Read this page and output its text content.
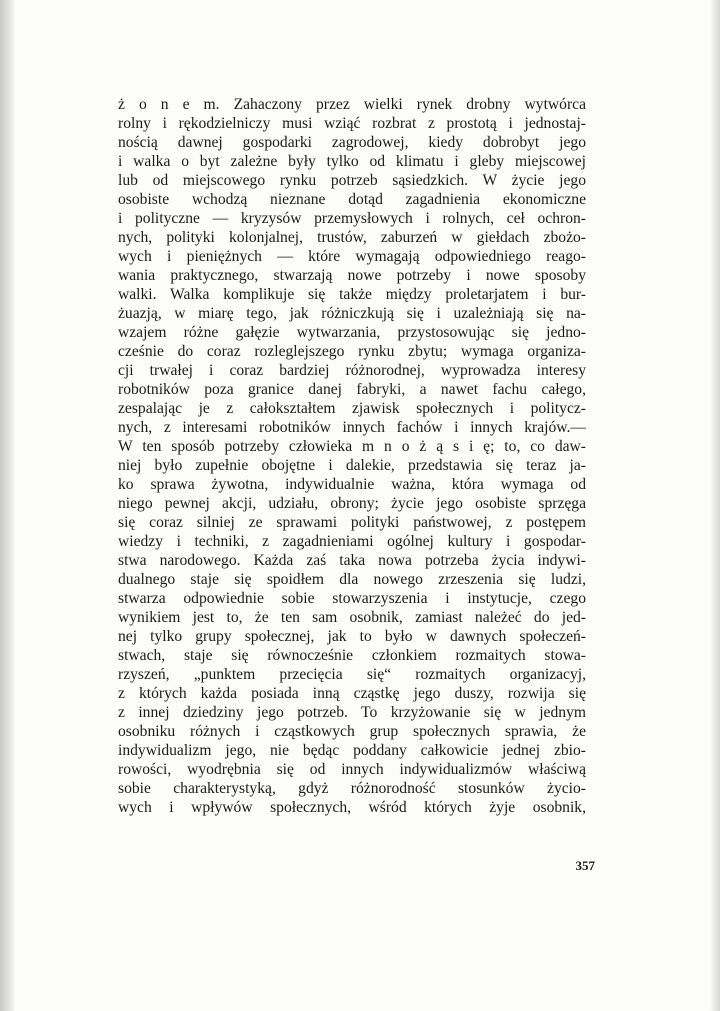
ż o n e m. Zahaczony przez wielki rynek drobny wytwórca
rolny i rękodzielniczy musi wziąć rozbrat z prostotą i jednostaj-
nością dawnej gospodarki zagrodowej, kiedy dobrobyt jego
i walka o byt zależne były tylko od klimatu i gleby miejscowej
lub od miejscowego rynku potrzeb sąsiedzkich. W życie jego
osobiste wchodzą nieznane dotąd zagadnienia ekonomiczne
i polityczne — kryzysów przemysłowych i rolnych, ceł ochron-
nych, polityki kolonjalnej, trustów, zaburzeń w giełdach zbożo-
wych i pieniężnych — które wymagają odpowiedniego reago-
wania praktycznego, stwarzają nowe potrzeby i nowe sposoby
walki. Walka komplikuje się także między proletarjatem i bur-
żuazją, w miarę tego, jak różniczkują się i uzależniają się na-
wzajem różne gałęzie wytwarzania, przystosowując się jedno-
cześnie do coraz rozleglejszego rynku zbytu; wymaga organiza-
cji trwałej i coraz bardziej różnorodnej, wyprowadza interesy
robotników poza granice danej fabryki, a nawet fachu całego,
zespalając je z całokształtem zjawisk społecznych i politycz-
nych, z interesami robotników innych fachów i innych krajów.—
W ten sposób potrzeby człowieka m n o ż ą s i ę; to, co daw-
niej było zupełnie obojętne i dalekie, przedstawia się teraz ja-
ko sprawa żywotna, indywidualnie ważna, która wymaga od
niego pewnej akcji, udziału, obrony; życie jego osobiste sprzęga
się coraz silniej ze sprawami polityki państwowej, z postępem
wiedzy i techniki, z zagadnieniami ogólnej kultury i gospodar-
stwa narodowego. Każda zaś taka nowa potrzeba życia indywi-
dualnego staje się spoidłem dla nowego zrzeszenia się ludzi,
stwarza odpowiednie sobie stowarzyszenia i instytucje, czego
wynikiem jest to, że ten sam osobnik, zamiast należeć do jed-
nej tylko grupy społecznej, jak to było w dawnych społeczeń-
stwach, staje się równocześnie członkiem rozmaitych stowa-
rzyszeń, „punktem przecięcia się“ rozmaitych organizacyj,
z których każda posiada inną cząstkę jego duszy, rozwija się
z innej dziedziny jego potrzeb. To krzyżowanie się w jednym
osobniku różnych i cząstkowych grup społecznych sprawia, że
indywidualizm jego, nie będąc poddany całkowicie jednej zbio-
rowości, wyodrębnia się od innych indywidualizmów właściwą
sobie charakterystyką, gdyż różnorodność stosunków życio-
wych i wpływów społecznych, wśród których żyje osobnik,
357
